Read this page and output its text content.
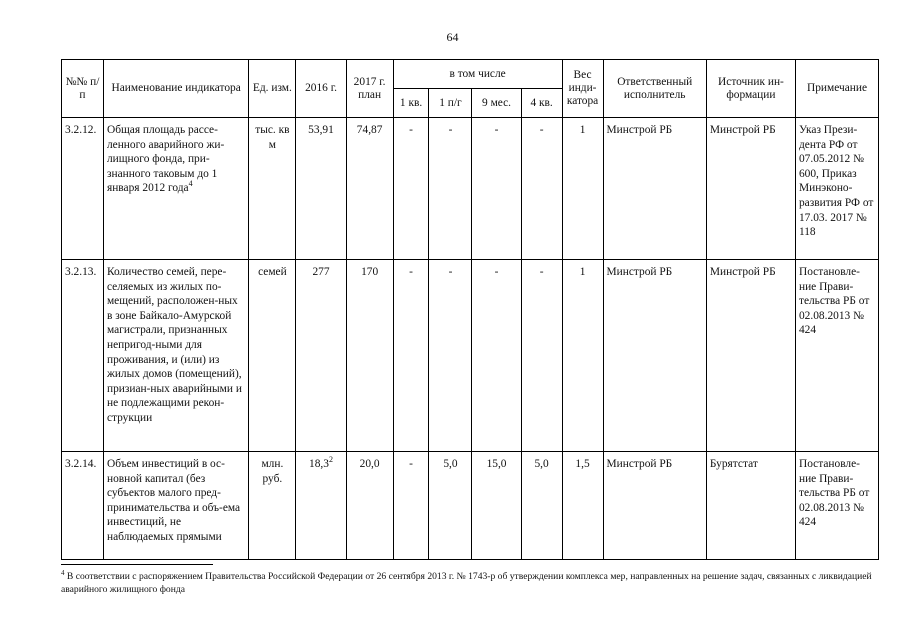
64
№№ п/п	Наименование индикатора	Ед. изм.	2016 г.	2017 г. план	в том числе				Вес инди-катора	Ответственный исполнитель	Источник ин-формации	Примечание
					1 кв.	1 п/г	9 мес.	4 кв.				
3.2.12.	Общая площадь рассе-ленного аварийного жи-лищного фонда, при-знанного таковым до 1 января 2012 года$^4$	тыс. кв м	53,91	74,87	-	-	-	-	1	Минстрой РБ	Минстрой РБ	Указ Прези-дента РФ от 07.05.2012 № 600, Приказ Минэконо-развития РФ от 17.03. 2017 № 118
3.2.13.	Количество семей, пере-селяемых из жилых по-мещений, расположен-ных в зоне Байкало-Амурской магистрали, признанных непригод-ными для проживания, и (или) из жилых домов (помещений), призиан-ных аварийными и не подлежащими рекон-струкции	семей	277	170	-	-	-	-	1	Минстрой РБ	Минстрой РБ	Постановле-ние Прави-тельства РБ от 02.08.2013 № 424
3.2.14.	Объем инвестиций в ос-новной капитал (без субъектов малого пред-принимательства и объ-ема инвестиций, не наблюдаемых прямыми	млн. руб.	18,3$^2$	20,0	-	5,0	15,0	5,0	1,5	Минстрой РБ	Бурятстат	Постановле-ние Прави-тельства РБ от 02.08.2013 № 424
$^4$ В соответствии с распоряжением Правительства Российской Федерации от 26 сентября 2013 г. № 1743-р об утверждении комплекса мер, направленных на решение задач, связанных с ликвидацией аварийного жилищного фонда
